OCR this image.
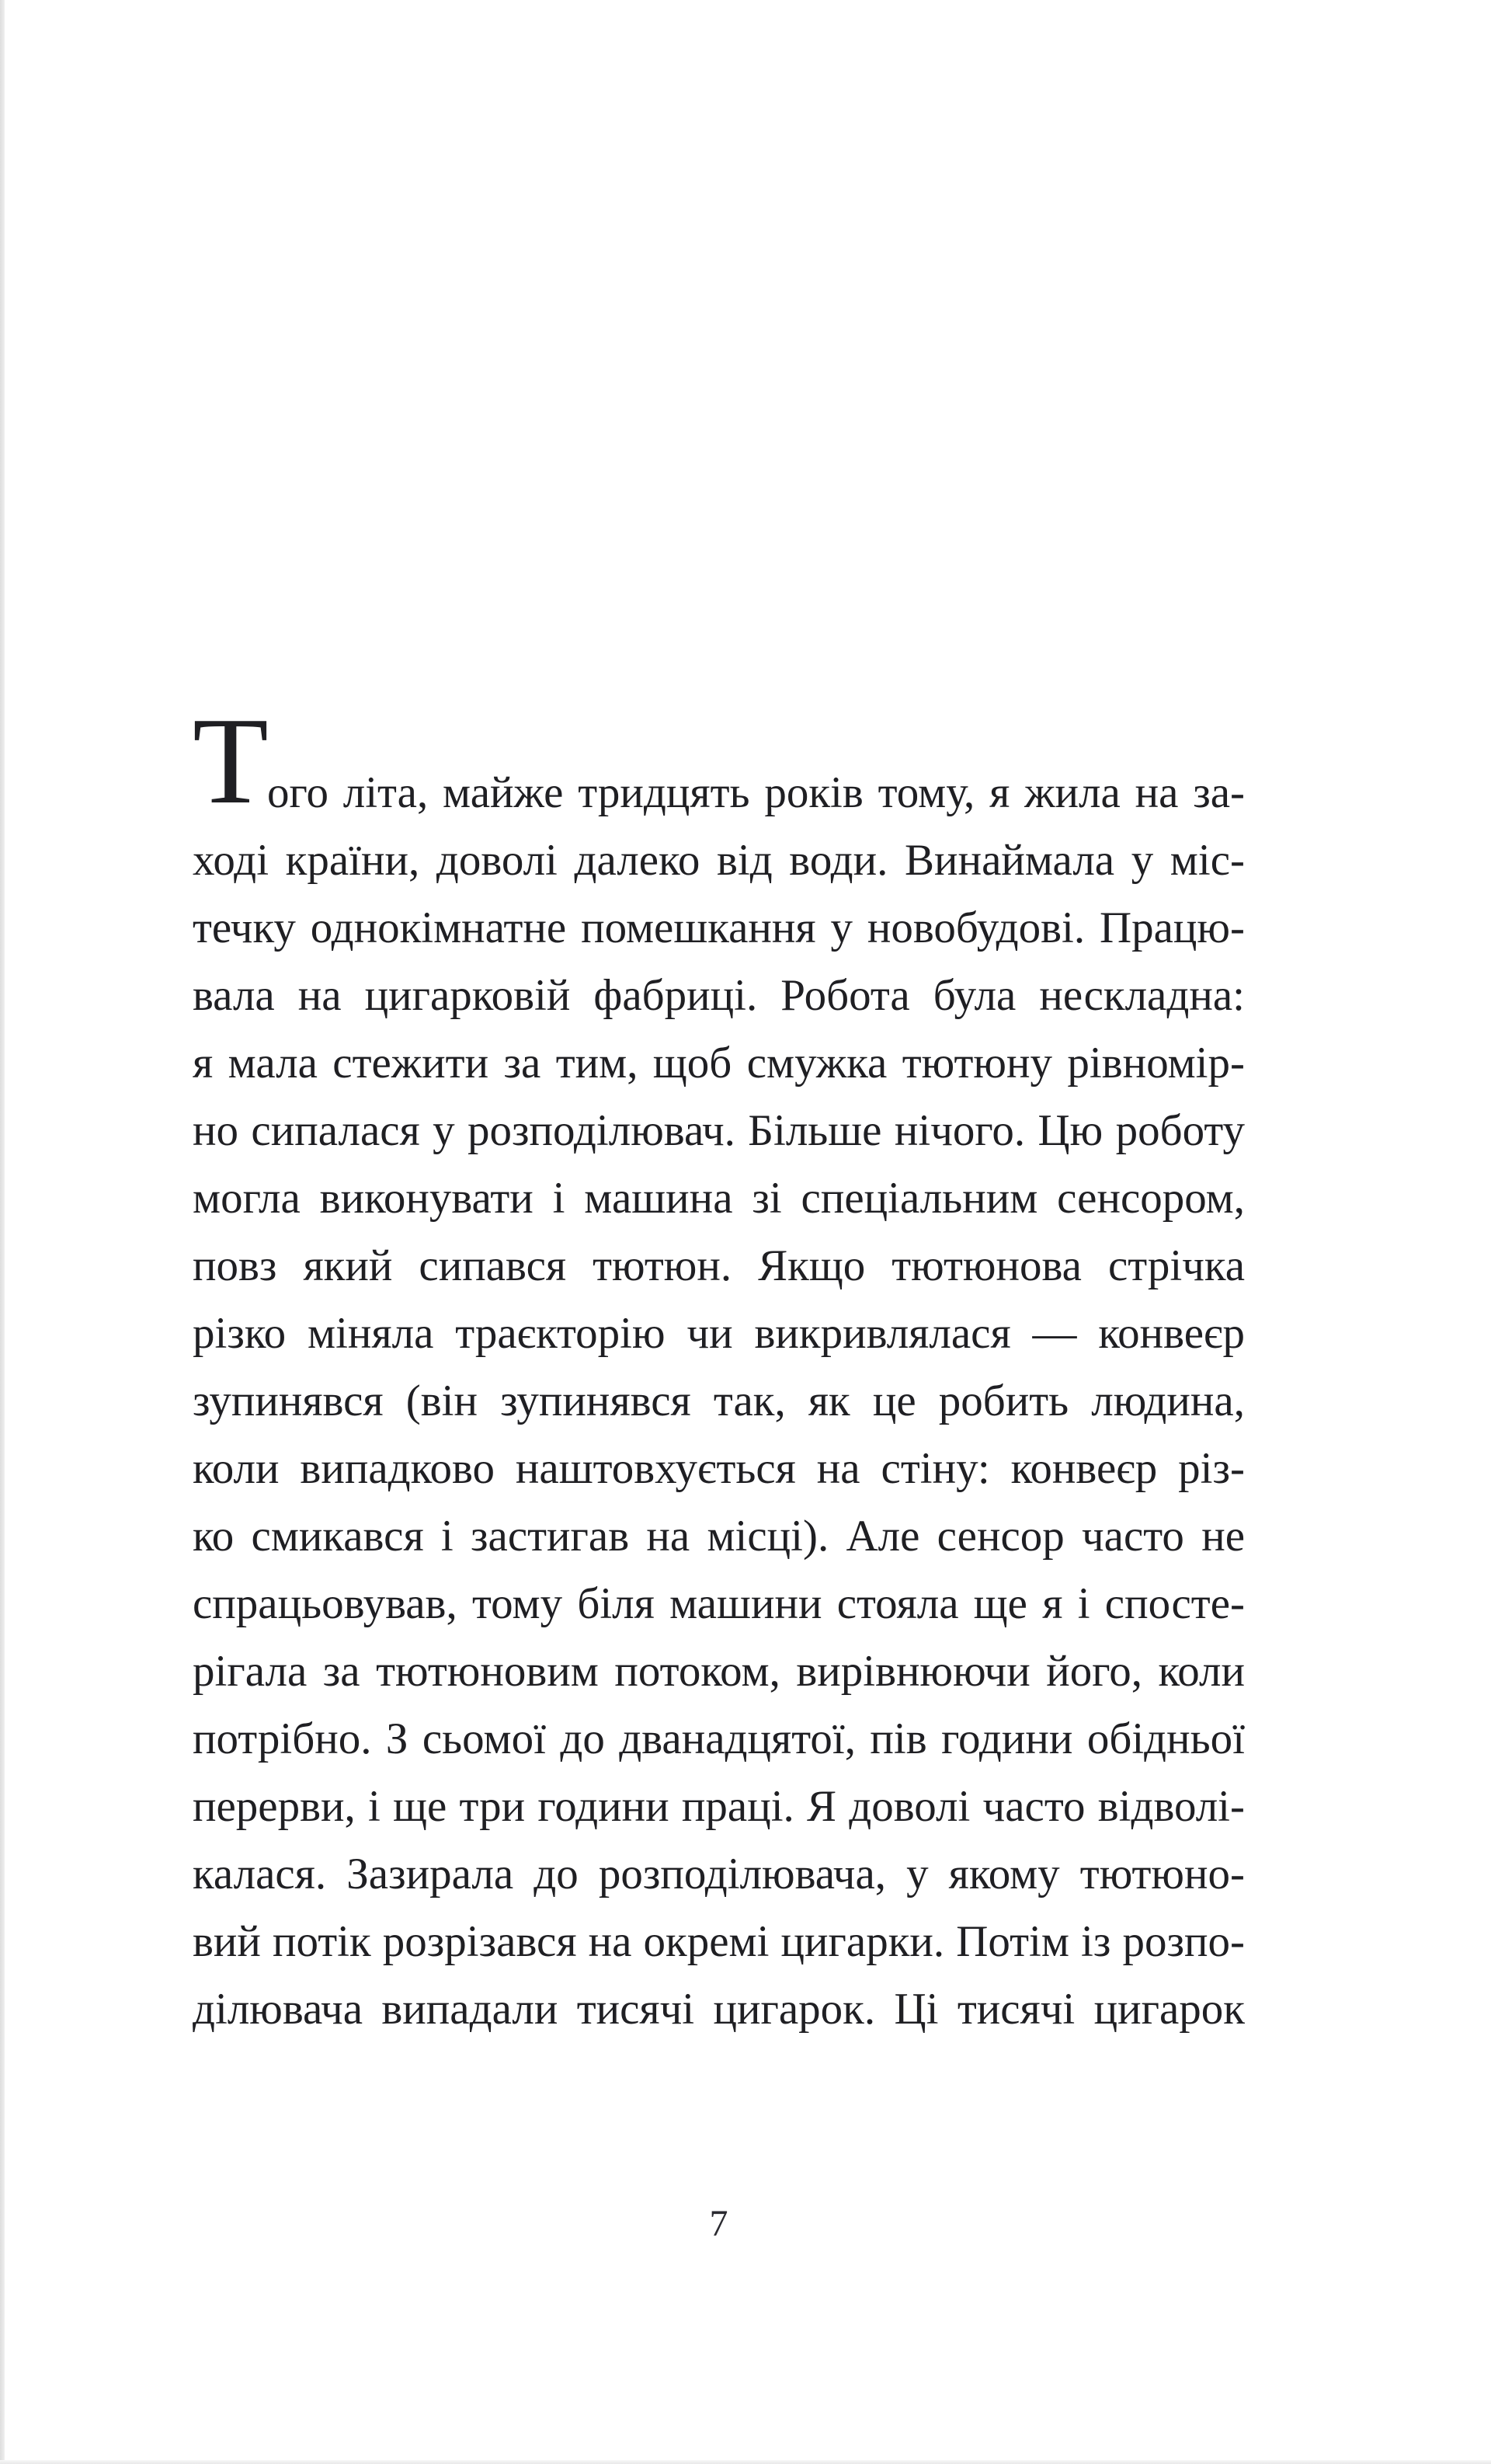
Т
ого літа, майже тридцять років тому, я жила на за-
ході країни, доволі далеко від води. Винаймала у міс-
течку однокімнатне помешкання у новобудові. Працю-
вала на цигарковій фабриці. Робота була нескладна:
я мала стежити за тим, щоб смужка тютюну рівномір-
но сипалася у розподілювач. Більше нічого. Цю роботу
могла виконувати і машина зі спеціальним сенсором,
повз який сипався тютюн. Якщо тютюнова стрічка
різко міняла траєкторію чи викривлялася — конвеєр
зупинявся (він зупинявся так, як це робить людина,
коли випадково наштовхується на стіну: конвеєр різ-
ко смикався і застигав на місці). Але сенсор часто не
спрацьовував, тому біля машини стояла ще я і спосте-
рігала за тютюновим потоком, вирівнюючи його, коли
потрібно. З сьомої до дванадцятої, пів години обідньої
перерви, і ще три години праці. Я доволі часто відволі-
калася. Зазирала до розподілювача, у якому тютюно-
вий потік розрізався на окремі цигарки. Потім із розпо-
ділювача випадали тисячі цигарок. Ці тисячі цигарок
7
